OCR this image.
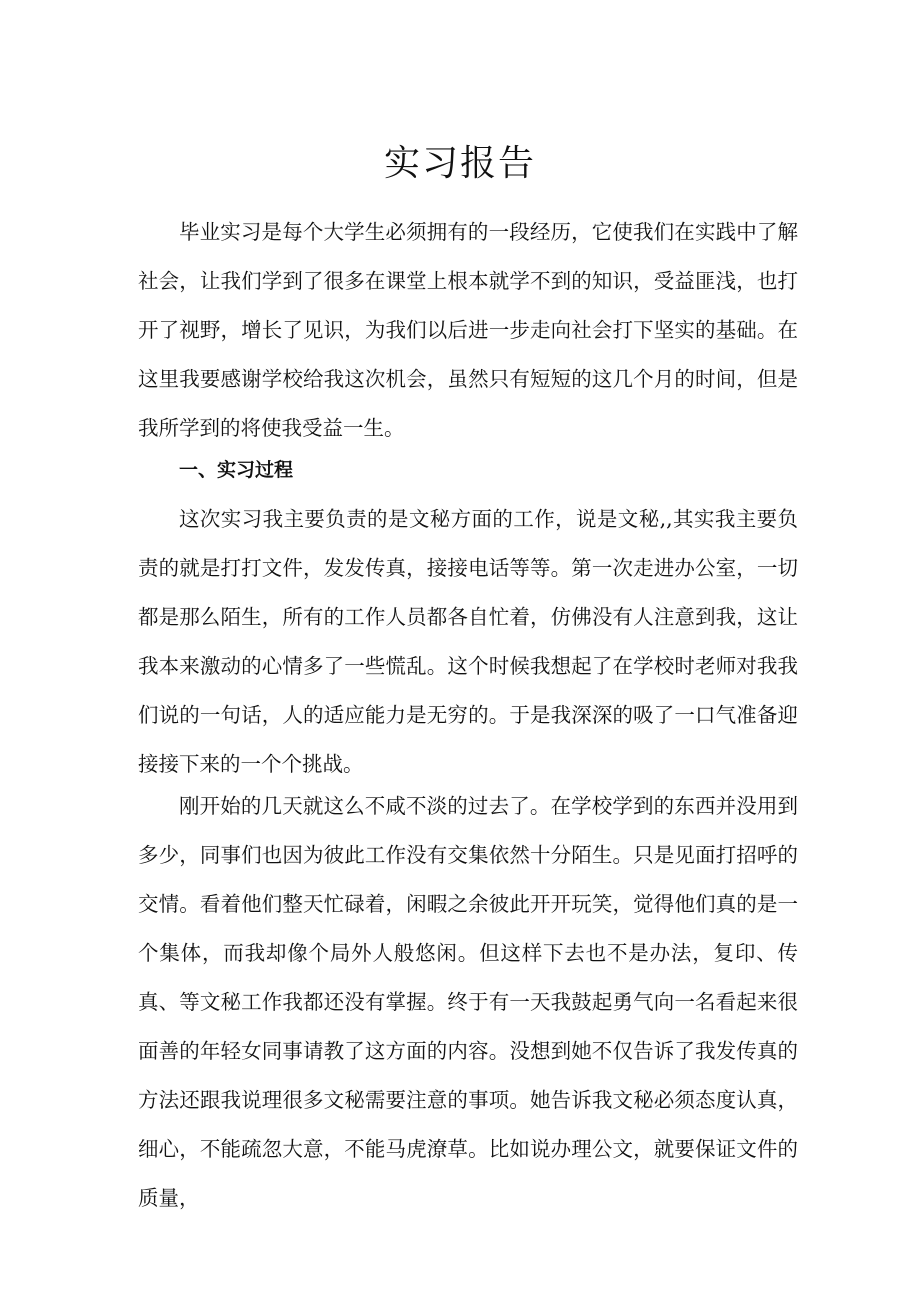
实习报告

毕业实习是每个大学生必须拥有的一段经历，它使我们在实践中了解社会，让我们学到了很多在课堂上根本就学不到的知识，受益匪浅，也打开了视野，增长了见识，为我们以后进一步走向社会打下坚实的基础。在这里我要感谢学校给我这次机会，虽然只有短短的这几个月的时间，但是我所学到的将使我受益一生。

一、实习过程

这次实习我主要负责的是文秘方面的工作，说是文秘,,其实我主要负责的就是打打文件，发发传真，接接电话等等。第一次走进办公室，一切都是那么陌生，所有的工作人员都各自忙着，仿佛没有人注意到我，这让我本来激动的心情多了一些慌乱。这个时候我想起了在学校时老师对我我们说的一句话，人的适应能力是无穷的。于是我深深的吸了一口气准备迎接接下来的一个个挑战。

刚开始的几天就这么不咸不淡的过去了。在学校学到的东西并没用到多少，同事们也因为彼此工作没有交集依然十分陌生。只是见面打招呼的交情。看着他们整天忙碌着，闲暇之余彼此开开玩笑，觉得他们真的是一个集体，而我却像个局外人般悠闲。但这样下去也不是办法，复印、传真、等文秘工作我都还没有掌握。终于有一天我鼓起勇气向一名看起来很面善的年轻女同事请教了这方面的内容。没想到她不仅告诉了我发传真的方法还跟我说理很多文秘需要注意的事项。她告诉我文秘必须态度认真，细心，不能疏忽大意，不能马虎潦草。比如说办理公文，就要保证文件的质量，
